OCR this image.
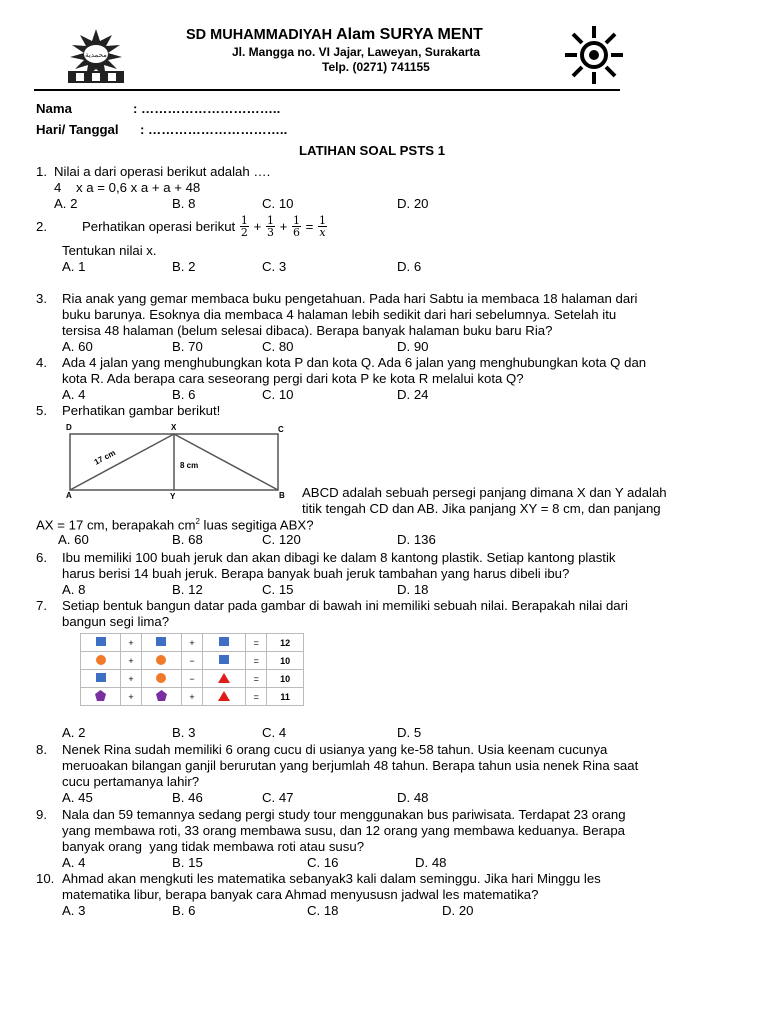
محمدية
SD MUHAMMADIYAH Alam SURYA MENT
Jl. Mangga no. VI Jajar, Laweyan, Surakarta
Telp. (0271) 741155
Nama	: …………………………..
Hari/ Tanggal : …………………………..
LATIHAN SOAL PSTS 1
1. Nilai a dari operasi berikut adalah ….
4    x a = 0,6 x a + a + 48
A. 2	B. 8	C. 10	D. 20
2.	Perhatikan operasi berikut $\frac{1}{2} + \frac{1}{3} + \frac{1}{6} = \frac{1}{x}$
Tentukan nilai x.
A. 1	B. 2	C. 3	D. 6
3. Ria anak yang gemar membaca buku pengetahuan. Pada hari Sabtu ia membaca 18 halaman dari
buku barunya. Esoknya dia membaca 4 halaman lebih sedikit dari hari sebelumnya. Setelah itu
tersisa 48 halaman (belum selesai dibaca). Berapa banyak halaman buku baru Ria?
A. 60	B. 70	C. 80	D. 90
4. Ada 4 jalan yang menghubungkan kota P dan kota Q. Ada 6 jalan yang menghubungkan kota Q dan
kota R. Ada berapa cara seseorang pergi dari kota P ke kota R melalui kota Q?
A. 4	B. 6	C. 10	D. 24
5. Perhatikan gambar berikut!
D	X	C
A	Y	B
17 cm	8 cm
ABCD adalah sebuah persegi panjang dimana X dan Y adalah
titik tengah CD dan AB. Jika panjang XY = 8 cm, dan panjang
AX = 17 cm, berapakah $cm^2$ luas segitiga ABX?
A. 60	B. 68	C. 120	D. 136
6. Ibu memiliki 100 buah jeruk dan akan dibagi ke dalam 8 kantong plastik. Setiap kantong plastik
harus berisi 14 buah jeruk. Berapa banyak buah jeruk tambahan yang harus dibeli ibu?
A. 8	B. 12	C. 15	D. 18
7. Setiap bentuk bangun datar pada gambar di bawah ini memiliki sebuah nilai. Berapakah nilai dari
bangun segi lima?
	+		+		=	12
	+		−		=	10
	+		−		=	10
	+		+		=	11
A. 2	B. 3	C. 4	D. 5
8. Nenek Rina sudah memiliki 6 orang cucu di usianya yang ke-58 tahun. Usia keenam cucunya
meruoakan bilangan ganjil berurutan yang berjumlah 48 tahun. Berapa tahun usia nenek Rina saat
cucu pertamanya lahir?
A. 45	B. 46	C. 47	D. 48
9. Nala dan 59 temannya sedang pergi study tour menggunakan bus pariwisata. Terdapat 23 orang
yang membawa roti, 33 orang membawa susu, dan 12 orang yang membawa keduanya. Berapa
banyak orang  yang tidak membawa roti atau susu?
A. 4	B. 15	C. 16	D. 48
10. Ahmad akan mengkuti les matematika sebanyak3 kali dalam seminggu. Jika hari Minggu les
matematika libur, berapa banyak cara Ahmad menyususn jadwal les matematika?
A. 3	B. 6	C. 18	D. 20
